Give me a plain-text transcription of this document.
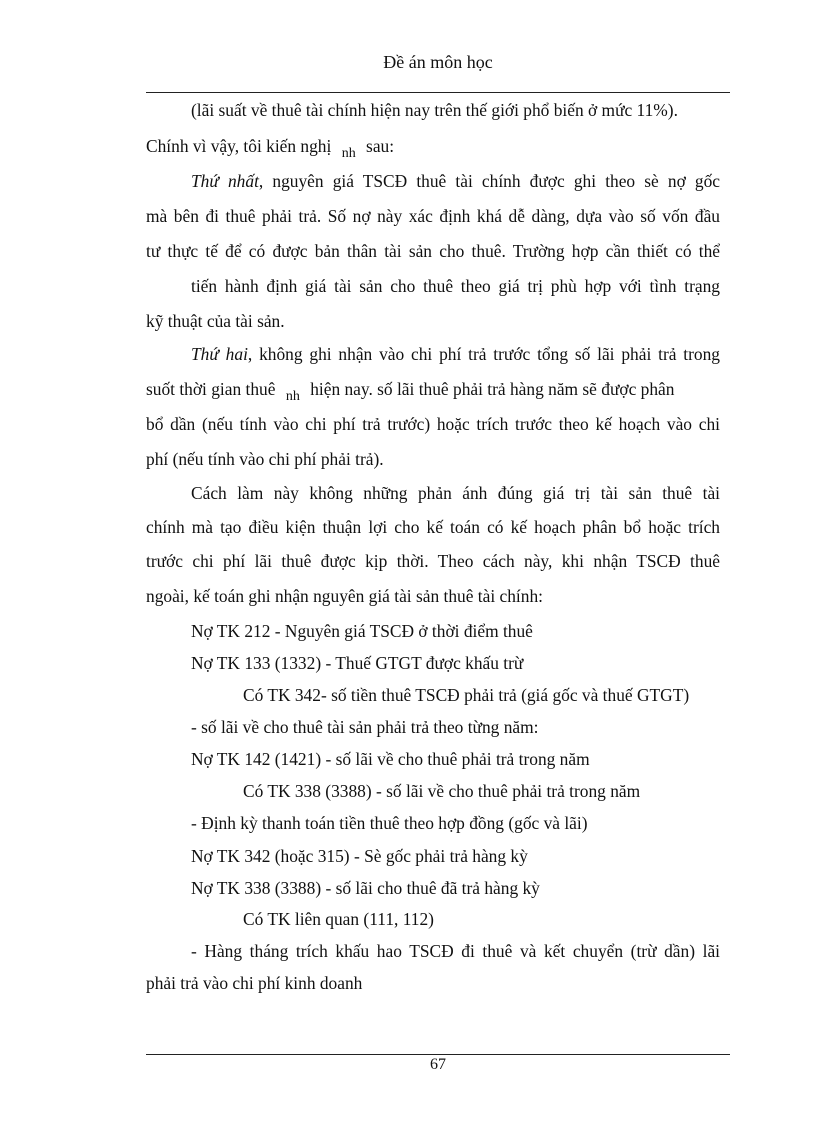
Đề án môn học
(lãi suất về thuê tài chính hiện nay trên thế giới phổ biến ở mức 11%).
Chính vì vậy, tôi kiến nghị $_{nh}$ sau:
Thứ nhất, nguyên giá TSCĐ thuê tài chính được ghi theo sè nợ gốc
mà bên đi thuê phải trả. Số nợ này xác định khá dễ dàng, dựa vào số vốn đầu
tư thực tế để có được bản thân tài sản cho thuê. Trường hợp cần thiết có thể
tiến hành định giá tài sản cho thuê theo giá trị phù hợp với tình trạng
kỹ thuật của tài sản.
Thứ hai, không ghi nhận vào chi phí trả trước tổng số lãi phải trả trong
suốt thời gian thuê $_{nh}$ hiện nay. số lãi thuê phải trả hàng năm sẽ được phân
bổ dần (nếu tính vào chi phí trả trước) hoặc trích trước theo kế hoạch vào chi
phí (nếu tính vào chi phí phải trả).
Cách làm này không những phản ánh đúng giá trị tài sản thuê tài
chính mà tạo điều kiện thuận lợi cho kế toán có kế hoạch phân bổ hoặc trích
trước chi phí lãi thuê được kịp thời. Theo cách này, khi nhận TSCĐ thuê
ngoài, kế toán ghi nhận nguyên giá tài sản thuê tài chính:
Nợ TK 212 - Nguyên giá TSCĐ ở thời điểm thuê
Nợ TK 133 (1332) - Thuế GTGT được khấu trừ
Có TK 342- số tiền thuê TSCĐ phải trả (giá gốc và thuế GTGT)
- số lãi về cho thuê tài sản phải trả theo từng năm:
Nợ TK 142 (1421) - số lãi về cho thuê phải trả trong năm
Có TK 338 (3388) - số lãi về cho thuê phải trả trong năm
- Định kỳ thanh toán tiền thuê theo hợp đồng (gốc và lãi)
Nợ TK 342 (hoặc 315) - Sè gốc phải trả hàng kỳ
Nợ TK 338 (3388) - số lãi cho thuê đã trả hàng kỳ
Có TK liên quan (111, 112)
- Hàng tháng trích khấu hao TSCĐ đi thuê và kết chuyển (trừ dần) lãi
phải trả vào chi phí kinh doanh
67
